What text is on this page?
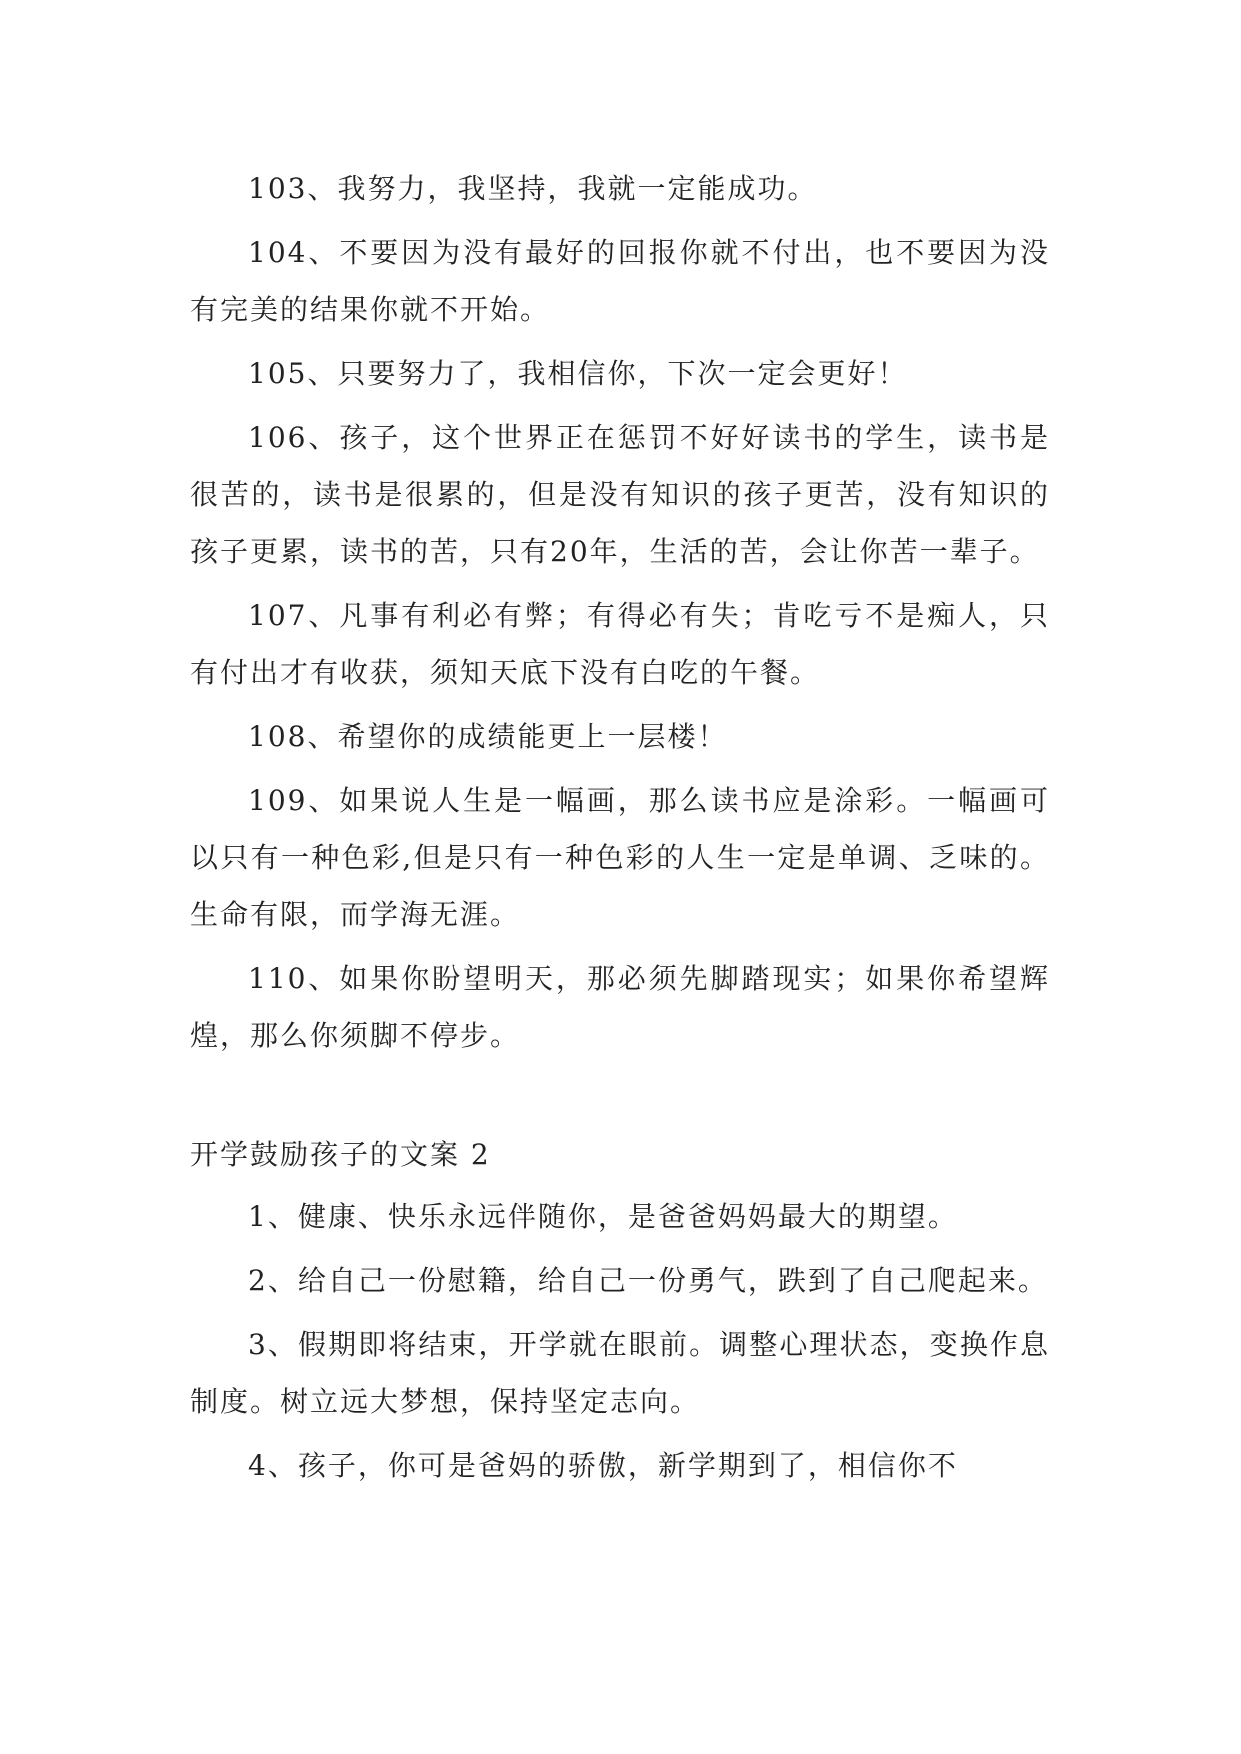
103、我努力，我坚持，我就一定能成功。

104、不要因为没有最好的回报你就不付出，也不要因为没有完美的结果你就不开始。

105、只要努力了，我相信你，下次一定会更好！

106、孩子，这个世界正在惩罚不好好读书的学生，读书是很苦的，读书是很累的，但是没有知识的孩子更苦，没有知识的孩子更累，读书的苦，只有20年，生活的苦，会让你苦一辈子。

107、凡事有利必有弊；有得必有失；肯吃亏不是痴人，只有付出才有收获，须知天底下没有白吃的午餐。

108、希望你的成绩能更上一层楼！

109、如果说人生是一幅画，那么读书应是涂彩。一幅画可以只有一种色彩,但是只有一种色彩的人生一定是单调、乏味的。生命有限，而学海无涯。

110、如果你盼望明天，那必须先脚踏现实；如果你希望辉煌，那么你须脚不停步。

开学鼓励孩子的文案 2

1、健康、快乐永远伴随你，是爸爸妈妈最大的期望。

2、给自己一份慰籍，给自己一份勇气，跌到了自己爬起来。

3、假期即将结束，开学就在眼前。调整心理状态，变换作息制度。树立远大梦想，保持坚定志向。

4、孩子，你可是爸妈的骄傲，新学期到了，相信你不
